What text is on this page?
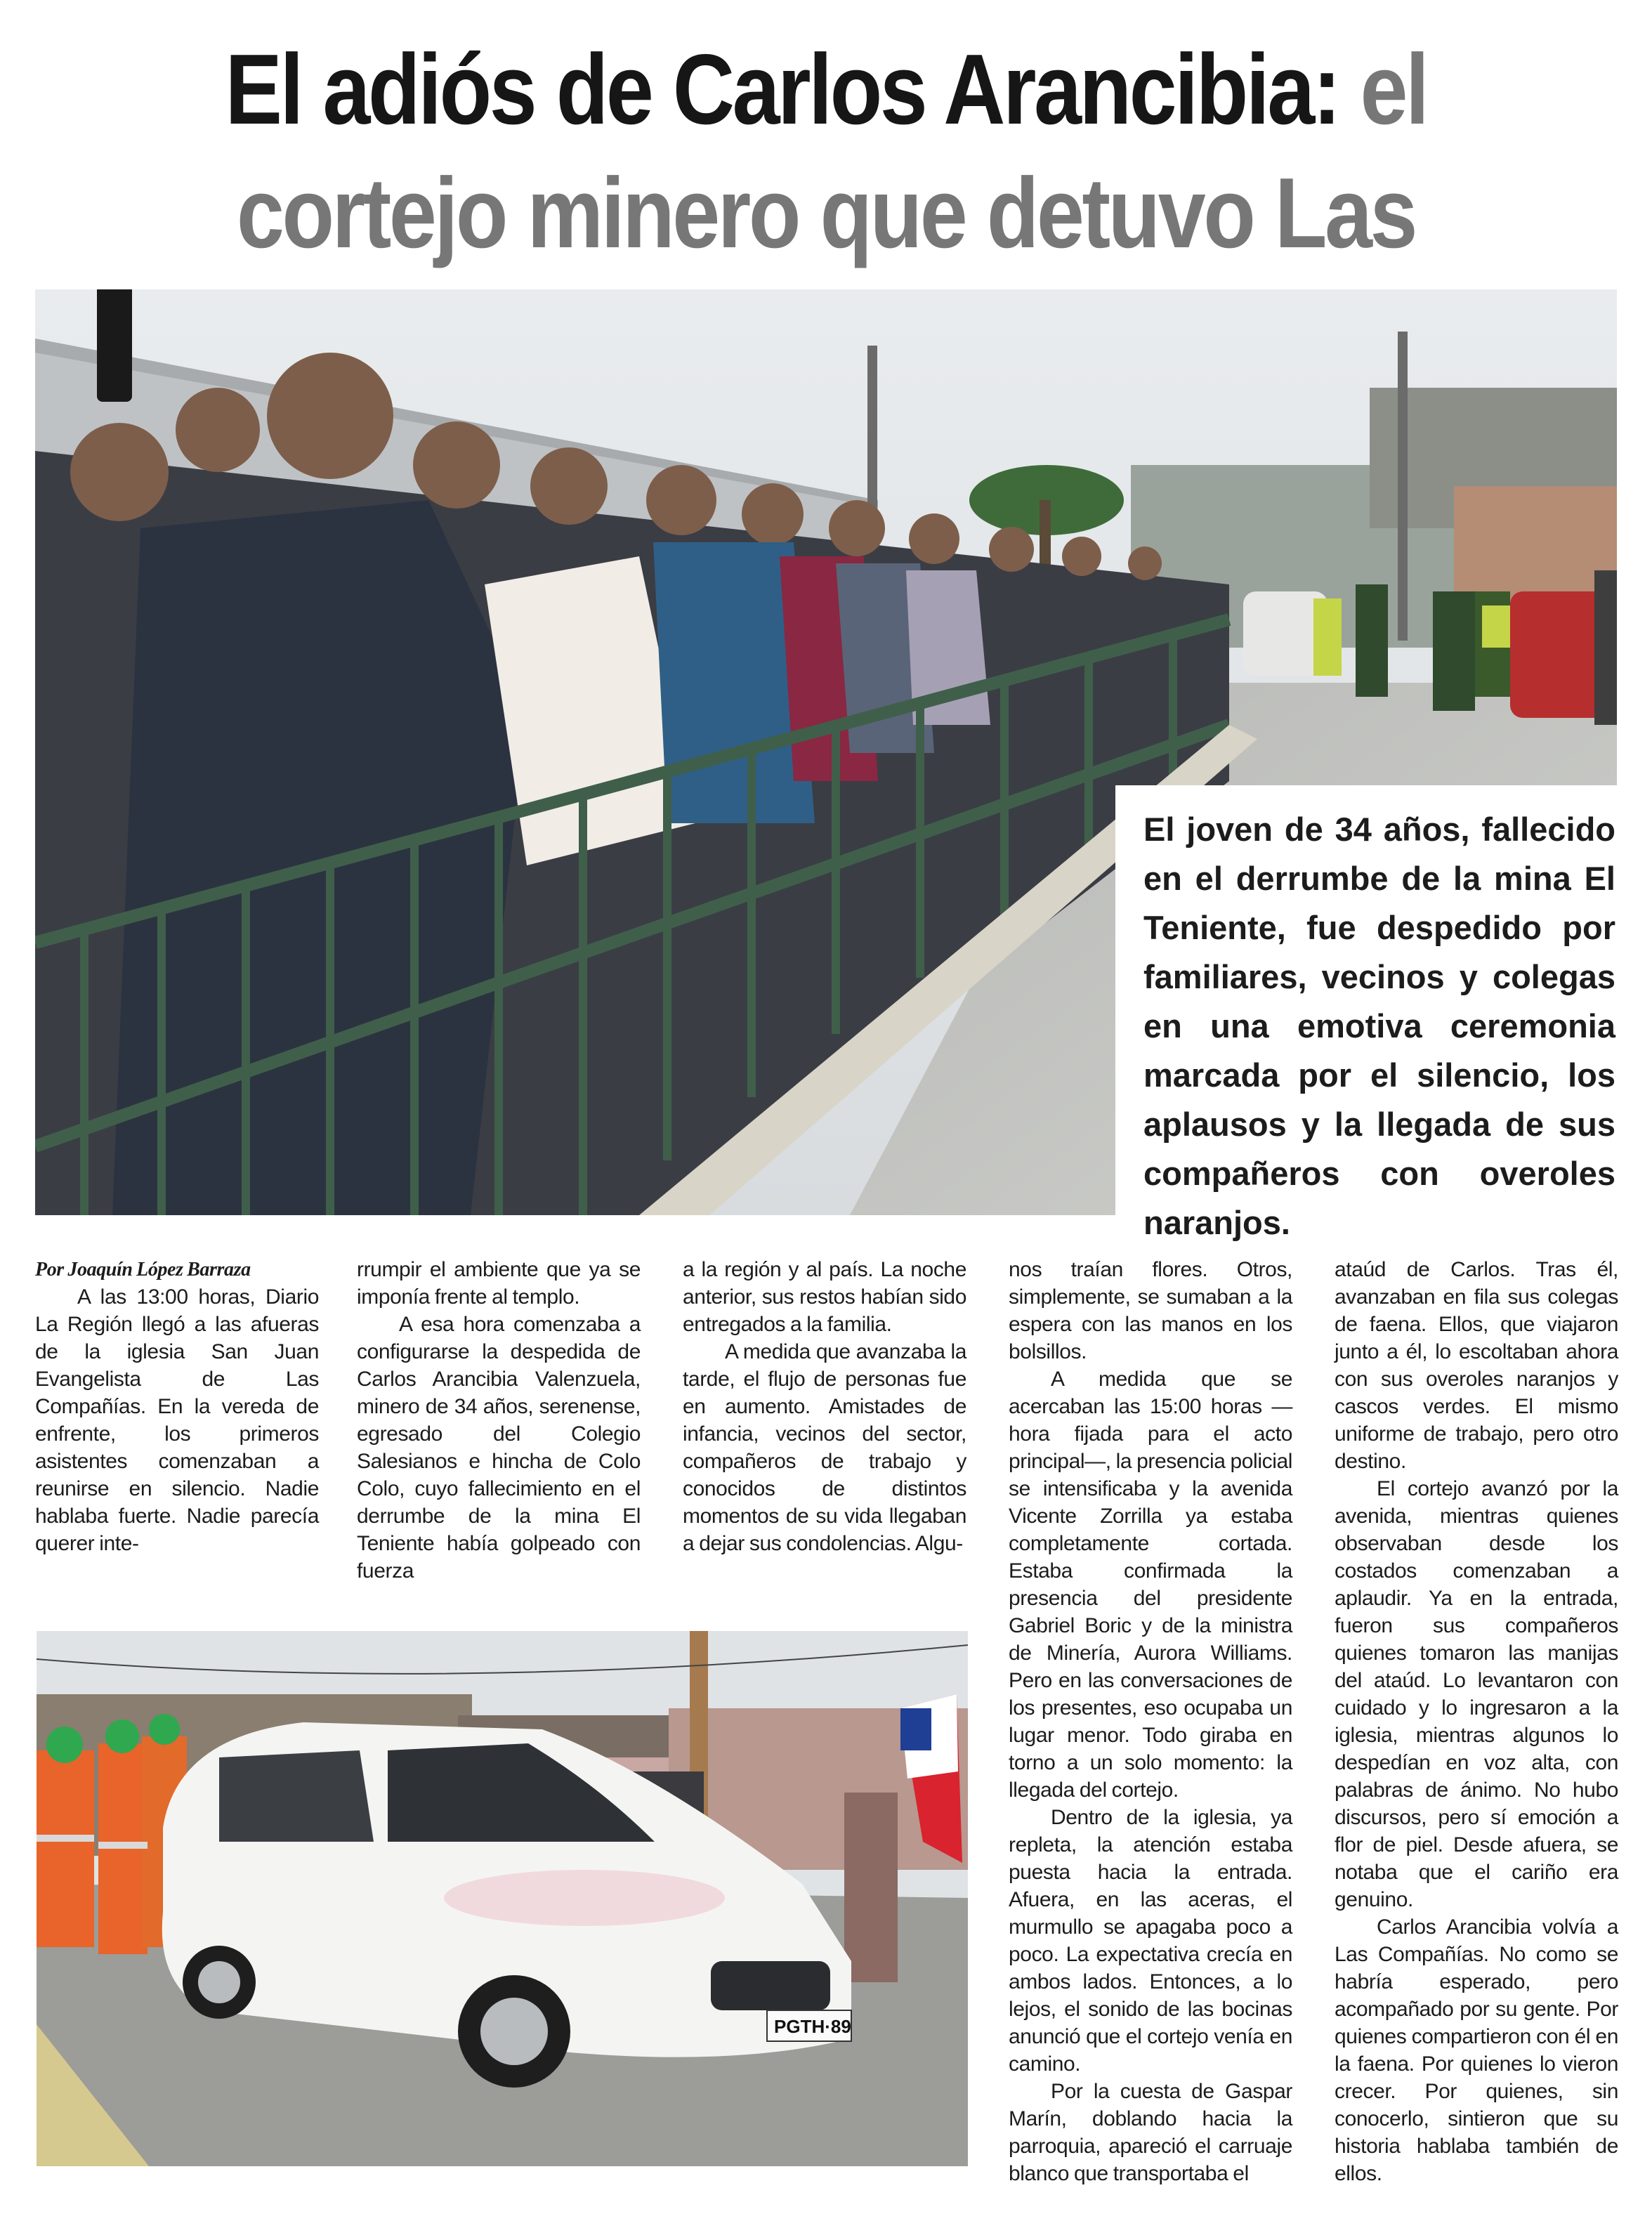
El adiós de Carlos Arancibia: el cortejo minero que detuvo Las
El joven de 34 años, fallecido en el derrumbe de la mina El Teniente, fue despedido por familiares, vecinos y colegas en una emotiva ceremonia marcada por el silencio, los aplausos y la llegada de sus compañeros con overoles naranjos.

Por Joaquín López Barraza

A las 13:00 horas, Diario La Región llegó a las afueras de la iglesia San Juan Evangelista de Las Compañías. En la vereda de enfrente, los primeros asistentes comenzaban a reunirse en silencio. Nadie hablaba fuerte. Nadie parecía querer inte-

rrumpir el ambiente que ya se imponía frente al templo.

A esa hora comenzaba a configurarse la despedida de Carlos Arancibia Valenzuela, minero de 34 años, serenense, egresado del Colegio Salesianos e hincha de Colo Colo, cuyo fallecimiento en el derrumbe de la mina El Teniente había golpeado con fuerza

a la región y al país. La noche anterior, sus restos habían sido entregados a la familia.

A medida que avanzaba la tarde, el flujo de personas fue en aumento. Amistades de infancia, vecinos del sector, compañeros de trabajo y conocidos de distintos momentos de su vida llegaban a dejar sus condolencias. Algu-

nos traían flores. Otros, simplemente, se sumaban a la espera con las manos en los bolsillos.

A medida que se acercaban las 15:00 horas —hora fijada para el acto principal—, la presencia policial se intensificaba y la avenida Vicente Zorrilla ya estaba completamente cortada. Estaba confirmada la presencia del presidente Gabriel Boric y de la ministra de Minería, Aurora Williams. Pero en las conversaciones de los presentes, eso ocupaba un lugar menor. Todo giraba en torno a un solo momento: la llegada del cortejo.

Dentro de la iglesia, ya repleta, la atención estaba puesta hacia la entrada. Afuera, en las aceras, el murmullo se apagaba poco a poco. La expectativa crecía en ambos lados. Entonces, a lo lejos, el sonido de las bocinas anunció que el cortejo venía en camino.

Por la cuesta de Gaspar Marín, doblando hacia la parroquia, apareció el carruaje blanco que transportaba el

ataúd de Carlos. Tras él, avanzaban en fila sus colegas de faena. Ellos, que viajaron junto a él, lo escoltaban ahora con sus overoles naranjos y cascos verdes. El mismo uniforme de trabajo, pero otro destino.

El cortejo avanzó por la avenida, mientras quienes observaban desde los costados comenzaban a aplaudir. Ya en la entrada, fueron sus compañeros quienes tomaron las manijas del ataúd. Lo levantaron con cuidado y lo ingresaron a la iglesia, mientras algunos lo despedían en voz alta, con palabras de ánimo. No hubo discursos, pero sí emoción a flor de piel. Desde afuera, se notaba que el cariño era genuino.

Carlos Arancibia volvía a Las Compañías. No como se habría esperado, pero acompañado por su gente. Por quienes compartieron con él en la faena. Por quienes lo vieron crecer. Por quienes, sin conocerlo, sintieron que su historia hablaba también de ellos.

PGTH·89
